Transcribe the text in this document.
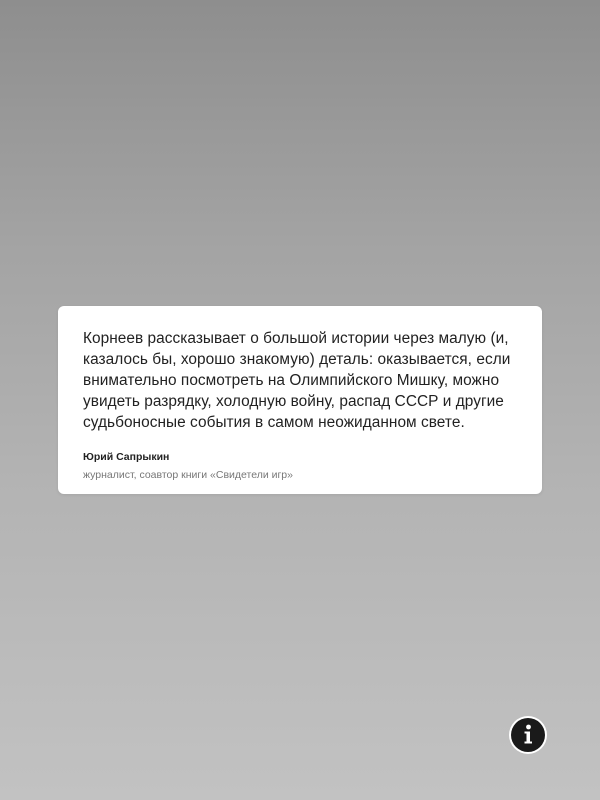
Корнеев рассказывает о большой истории через малую (и, казалось бы, хорошо знакомую) деталь: оказывается, если внимательно посмотреть на Олимпийского Мишку, можно увидеть разрядку, холодную войну, распад СССР и другие судьбоносные события в самом неожиданном свете.

Юрий Сапрыкин
журналист, соавтор книги «Свидетели игр»
